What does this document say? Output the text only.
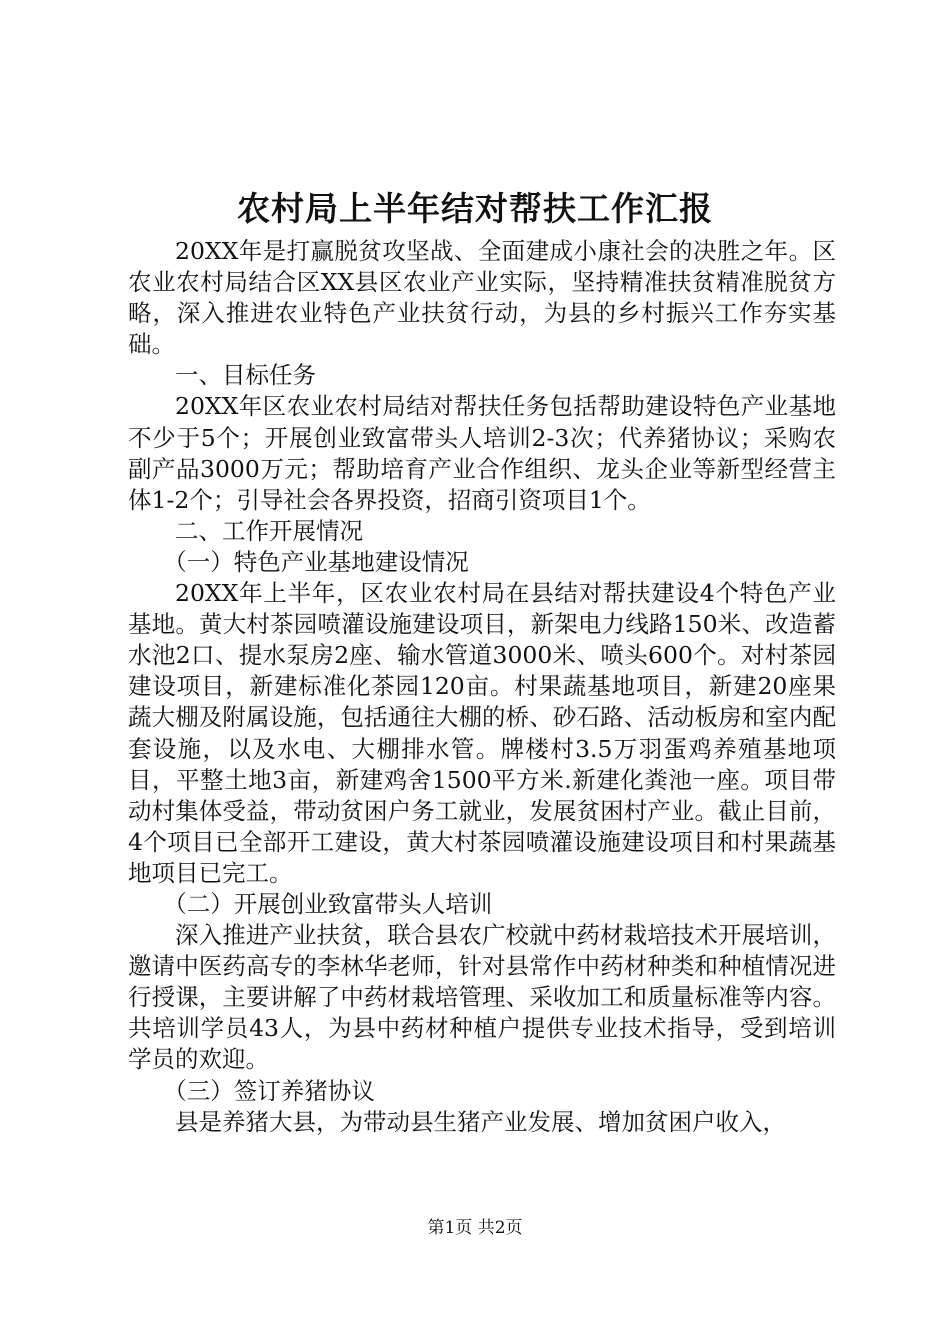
农村局上半年结对帮扶工作汇报

20XX年是打赢脱贫攻坚战、全面建成小康社会的决胜之年。区农业农村局结合区XX县区农业产业实际，坚持精准扶贫精准脱贫方略，深入推进农业特色产业扶贫行动，为县的乡村振兴工作夯实基础。

一、目标任务

20XX年区农业农村局结对帮扶任务包括帮助建设特色产业基地不少于5个；开展创业致富带头人培训2-3次；代养猪协议；采购农副产品3000万元；帮助培育产业合作组织、龙头企业等新型经营主体1-2个；引导社会各界投资，招商引资项目1个。

二、工作开展情况

（一）特色产业基地建设情况

20XX年上半年，区农业农村局在县结对帮扶建设4个特色产业基地。黄大村茶园喷灌设施建设项目，新架电力线路150米、改造蓄水池2口、提水泵房2座、输水管道3000米、喷头600个。对村茶园建设项目，新建标准化茶园120亩。村果蔬基地项目，新建20座果蔬大棚及附属设施，包括通往大棚的桥、砂石路、活动板房和室内配套设施，以及水电、大棚排水管。牌楼村3.5万羽蛋鸡养殖基地项目，平整土地3亩，新建鸡舍1500平方米.新建化粪池一座。项目带动村集体受益，带动贫困户务工就业，发展贫困村产业。截止目前，4个项目已全部开工建设，黄大村茶园喷灌设施建设项目和村果蔬基地项目已完工。

（二）开展创业致富带头人培训

深入推进产业扶贫，联合县农广校就中药材栽培技术开展培训，邀请中医药高专的李林华老师，针对县常作中药材种类和种植情况进行授课，主要讲解了中药材栽培管理、采收加工和质量标准等内容。共培训学员43人，为县中药材种植户提供专业技术指导，受到培训学员的欢迎。

（三）签订养猪协议

县是养猪大县，为带动县生猪产业发展、增加贫困户收入，

第1页 共2页
